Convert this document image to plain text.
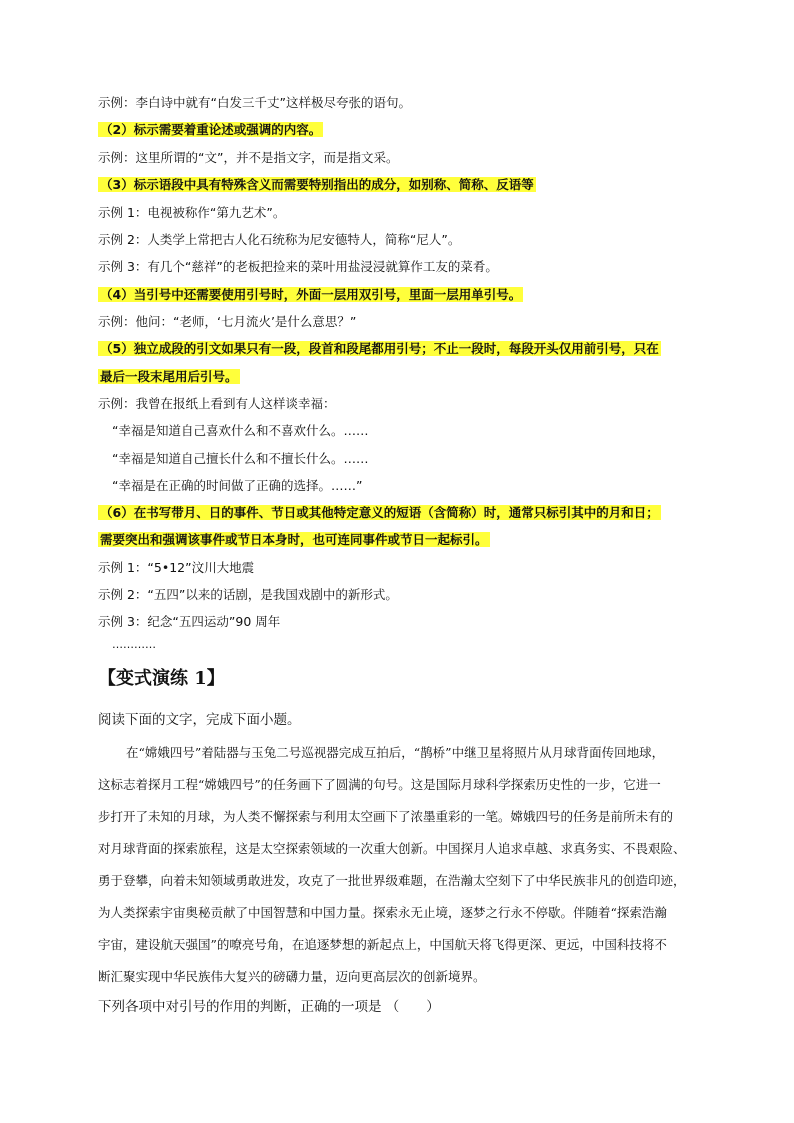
示例：李白诗中就有“白发三千丈”这样极尽夸张的语句。
（2）标示需要着重论述或强调的内容。
示例：这里所谓的“文”，并不是指文字，而是指文采。
（3）标示语段中具有特殊含义而需要特别指出的成分，如别称、简称、反语等
示例 1：电视被称作“第九艺术”。
示例 2：人类学上常把古人化石统称为尼安德特人，简称“尼人”。
示例 3：有几个“慈祥”的老板把捡来的菜叶用盐浸浸就算作工友的菜肴。
（4）当引号中还需要使用引号时，外面一层用双引号，里面一层用单引号。
示例：他问：“老师，‘七月流火’是什么意思？”
（5）独立成段的引文如果只有一段，段首和段尾都用引号；不止一段时，每段开头仅用前引号，只在
最后一段末尾用后引号。
示例：我曾在报纸上看到有人这样谈幸福：
“幸福是知道自己喜欢什么和不喜欢什么。……
“幸福是知道自己擅长什么和不擅长什么。……
“幸福是在正确的时间做了正确的选择。……”
（6）在书写带月、日的事件、节日或其他特定意义的短语（含简称）时，通常只标引其中的月和日；
需要突出和强调该事件或节日本身时，也可连同事件或节日一起标引。
示例 1：“5•12”汶川大地震
示例 2：“五四”以来的话剧，是我国戏剧中的新形式。
示例 3：纪念“五四运动”90 周年
…………
【变式演练 1】
阅读下面的文字，完成下面小题。
在“嫦娥四号”着陆器与玉兔二号巡视器完成互拍后，“鹊桥”中继卫星将照片从月球背面传回地球，
这标志着探月工程“嫦娥四号”的任务画下了圆满的句号。这是国际月球科学探索历史性的一步，它进一
步打开了未知的月球，为人类不懈探索与利用太空画下了浓墨重彩的一笔。嫦娥四号的任务是前所未有的
对月球背面的探索旅程，这是太空探索领域的一次重大创新。中国探月人追求卓越、求真务实、不畏艰险、
勇于登攀，向着未知领域勇敢进发，攻克了一批世界级难题，在浩瀚太空刻下了中华民族非凡的创造印迹，
为人类探索宇宙奥秘贡献了中国智慧和中国力量。探索永无止境，逐梦之行永不停歇。伴随着“探索浩瀚
宇宙，建设航天强国”的嘹亮号角，在追逐梦想的新起点上，中国航天将飞得更深、更远，中国科技将不
断汇聚实现中华民族伟大复兴的磅礴力量，迈向更高层次的创新境界。
下列各项中对引号的作用的判断，正确的一项是 （　　）
